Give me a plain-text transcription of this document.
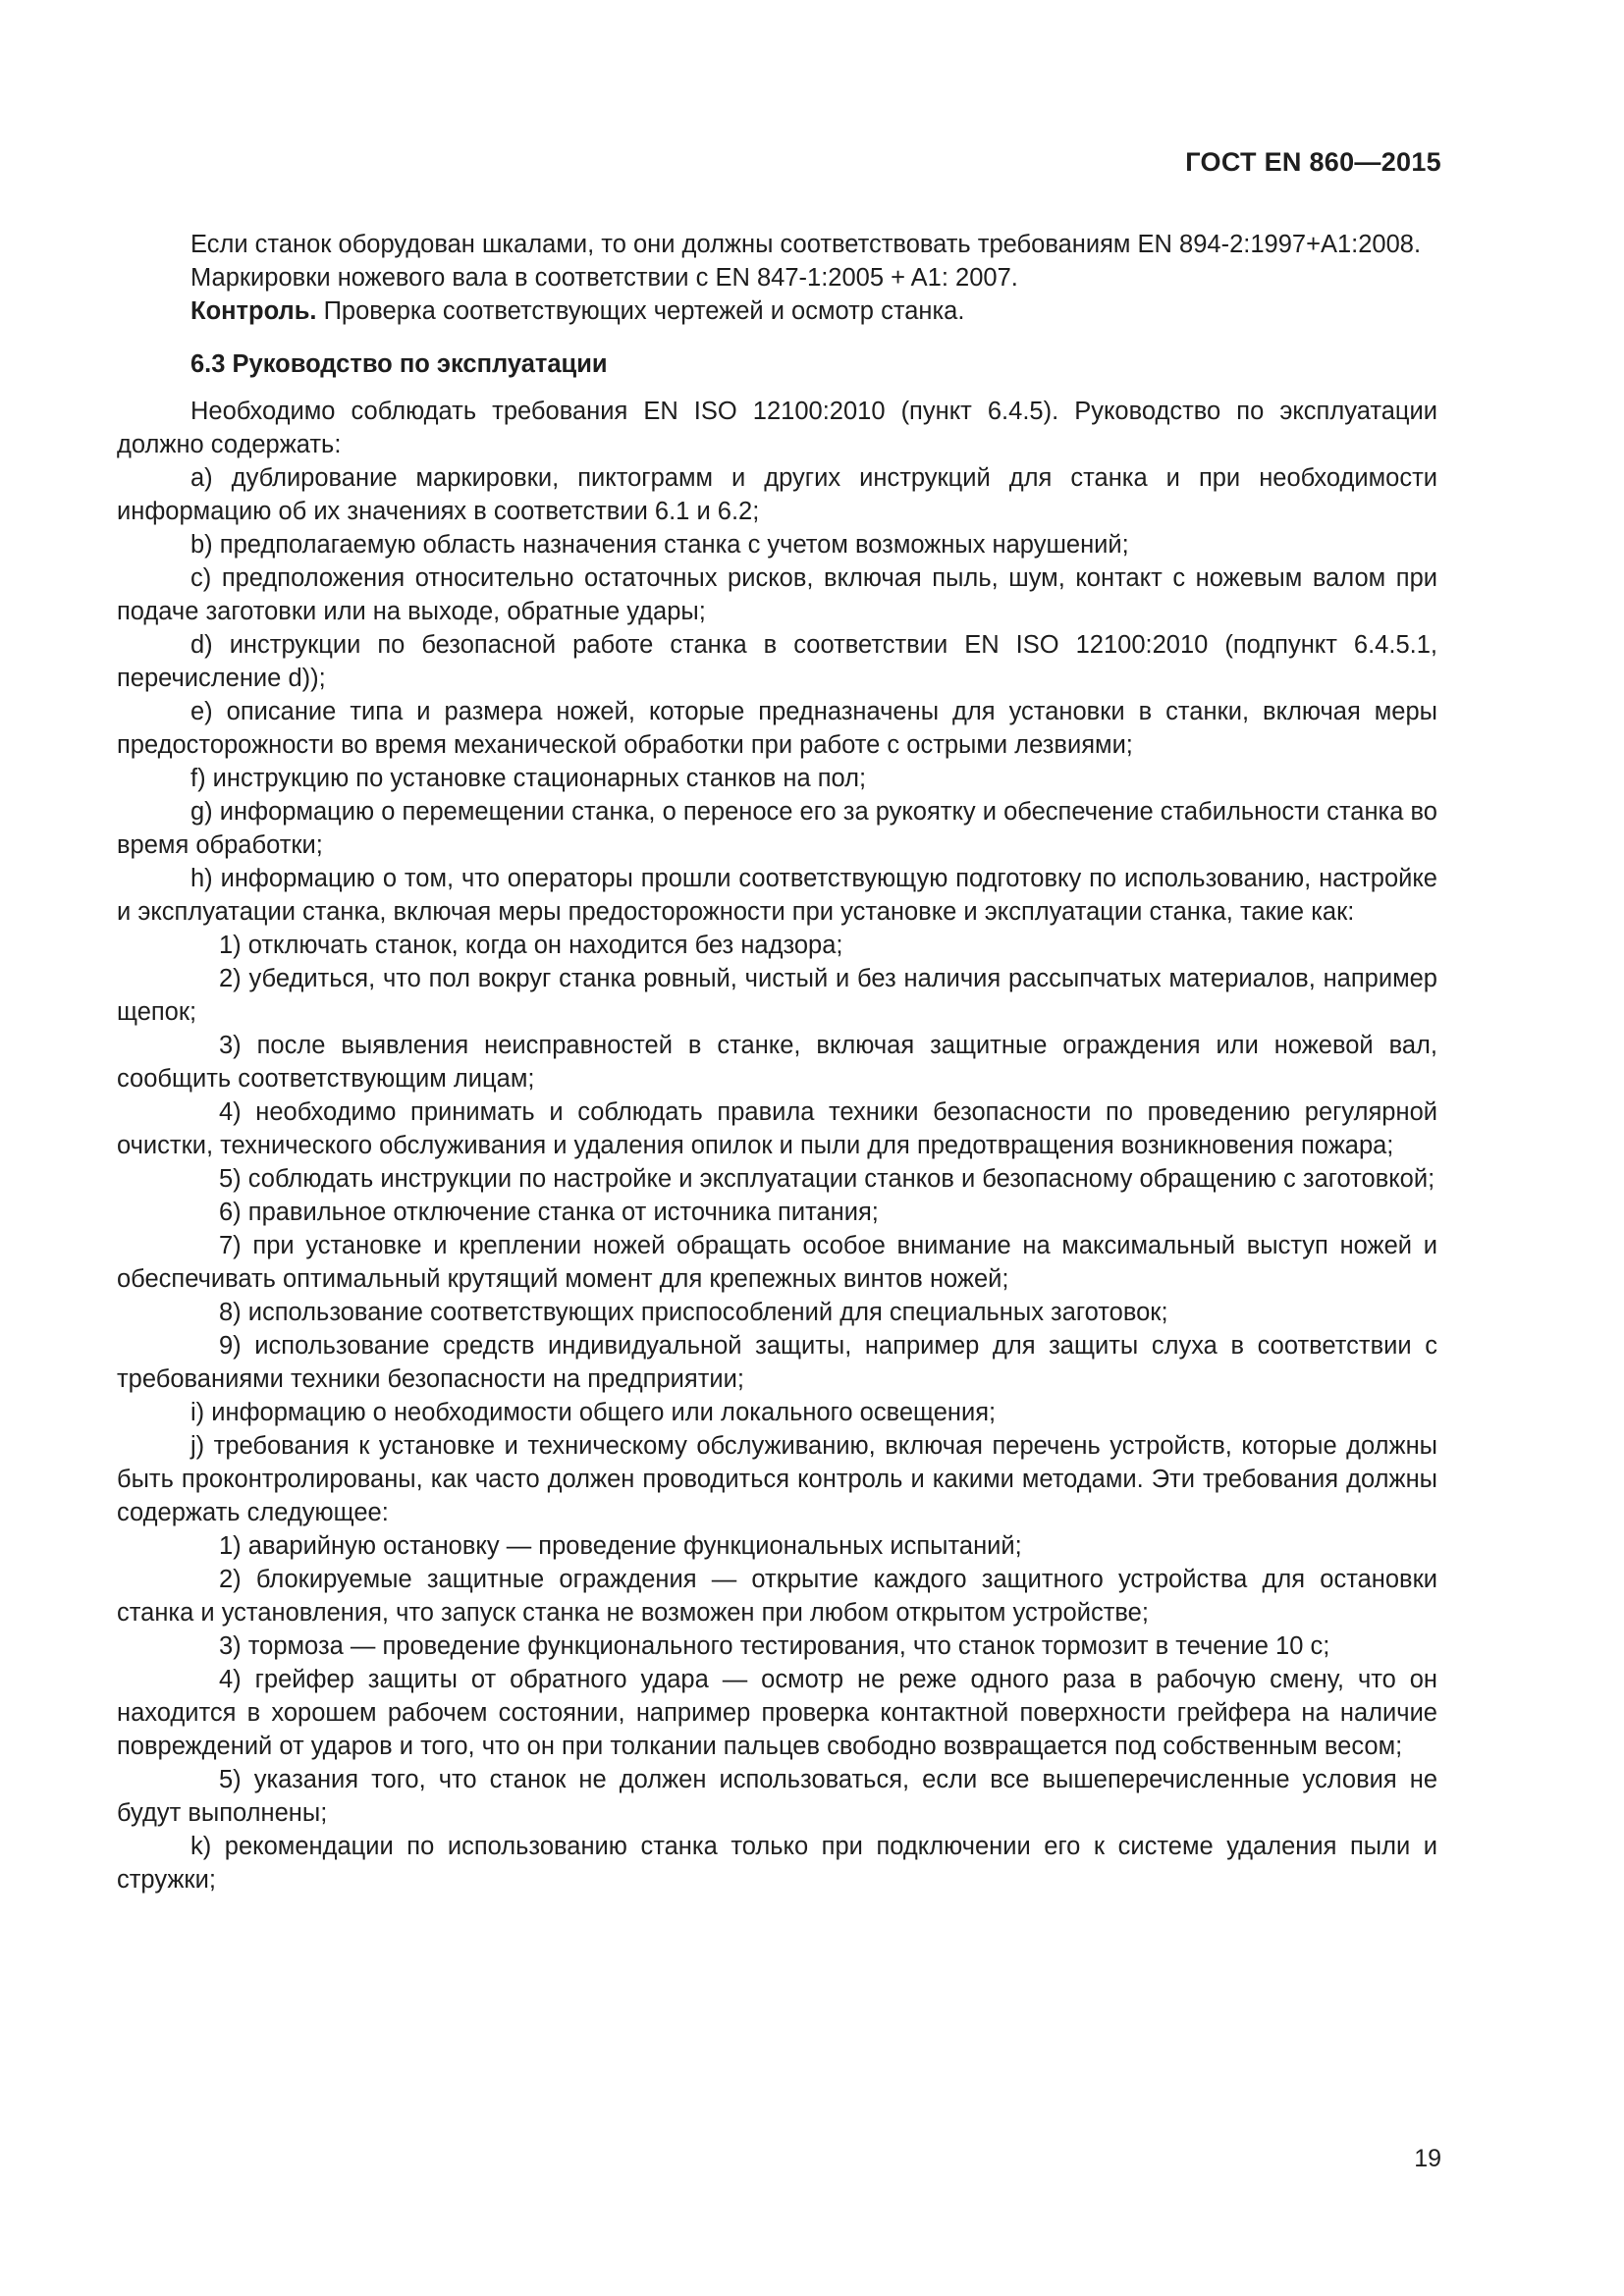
ГОСТ EN 860—2015

Если станок оборудован шкалами, то они должны соответствовать требованиям EN 894-2:1997+A1:2008.

Маркировки ножевого вала в соответствии с EN 847-1:2005 + A1: 2007.

Контроль. Проверка соответствующих чертежей и осмотр станка.

6.3 Руководство по эксплуатации

Необходимо соблюдать требования EN ISO 12100:2010 (пункт 6.4.5). Руководство по эксплуатации должно содержать:

a) дублирование маркировки, пиктограмм и других инструкций для станка и при необходимости информацию об их значениях в соответствии 6.1 и 6.2;

b) предполагаемую область назначения станка с учетом возможных нарушений;

c) предположения относительно остаточных рисков, включая пыль, шум, контакт с ножевым валом при подаче заготовки или на выходе, обратные удары;

d) инструкции по безопасной работе станка в соответствии EN ISO 12100:2010 (подпункт 6.4.5.1, перечисление d));

e) описание типа и размера ножей, которые предназначены для установки в станки, включая меры предосторожности во время механической обработки при работе с острыми лезвиями;

f) инструкцию по установке стационарных станков на пол;

g) информацию о перемещении станка, о переносе его за рукоятку и обеспечение стабильности станка во время обработки;

h) информацию о том, что операторы прошли соответствующую подготовку по использованию, настройке и эксплуатации станка, включая меры предосторожности при установке и эксплуатации станка, такие как:

1) отключать станок, когда он находится без надзора;

2) убедиться, что пол вокруг станка ровный, чистый и без наличия рассыпчатых материалов, например щепок;

3) после выявления неисправностей в станке, включая защитные ограждения или ножевой вал, сообщить соответствующим лицам;

4) необходимо принимать и соблюдать правила техники безопасности по проведению регулярной очистки, технического обслуживания и удаления опилок и пыли для предотвращения возникновения пожара;

5) соблюдать инструкции по настройке и эксплуатации станков и безопасному обращению с заготовкой;

6) правильное отключение станка от источника питания;

7) при установке и креплении ножей обращать особое внимание на максимальный выступ ножей и обеспечивать оптимальный крутящий момент для крепежных винтов ножей;

8) использование соответствующих приспособлений для специальных заготовок;

9) использование средств индивидуальной защиты, например для защиты слуха в соответствии с требованиями техники безопасности на предприятии;

i) информацию о необходимости общего или локального освещения;

j) требования к установке и техническому обслуживанию, включая перечень устройств, которые должны быть проконтролированы, как часто должен проводиться контроль и какими методами. Эти требования должны содержать следующее:

1) аварийную остановку — проведение функциональных испытаний;

2) блокируемые защитные ограждения — открытие каждого защитного устройства для остановки станка и установления, что запуск станка не возможен при любом открытом устройстве;

3) тормоза — проведение функционального тестирования, что станок тормозит в течение 10 с;

4) грейфер защиты от обратного удара — осмотр не реже одного раза в рабочую смену, что он находится в хорошем рабочем состоянии, например проверка контактной поверхности грейфера на наличие повреждений от ударов и того, что он при толкании пальцев свободно возвращается под собственным весом;

5) указания того, что станок не должен использоваться, если все вышеперечисленные условия не будут выполнены;

k) рекомендации по использованию станка только при подключении его к системе удаления пыли и стружки;

19
